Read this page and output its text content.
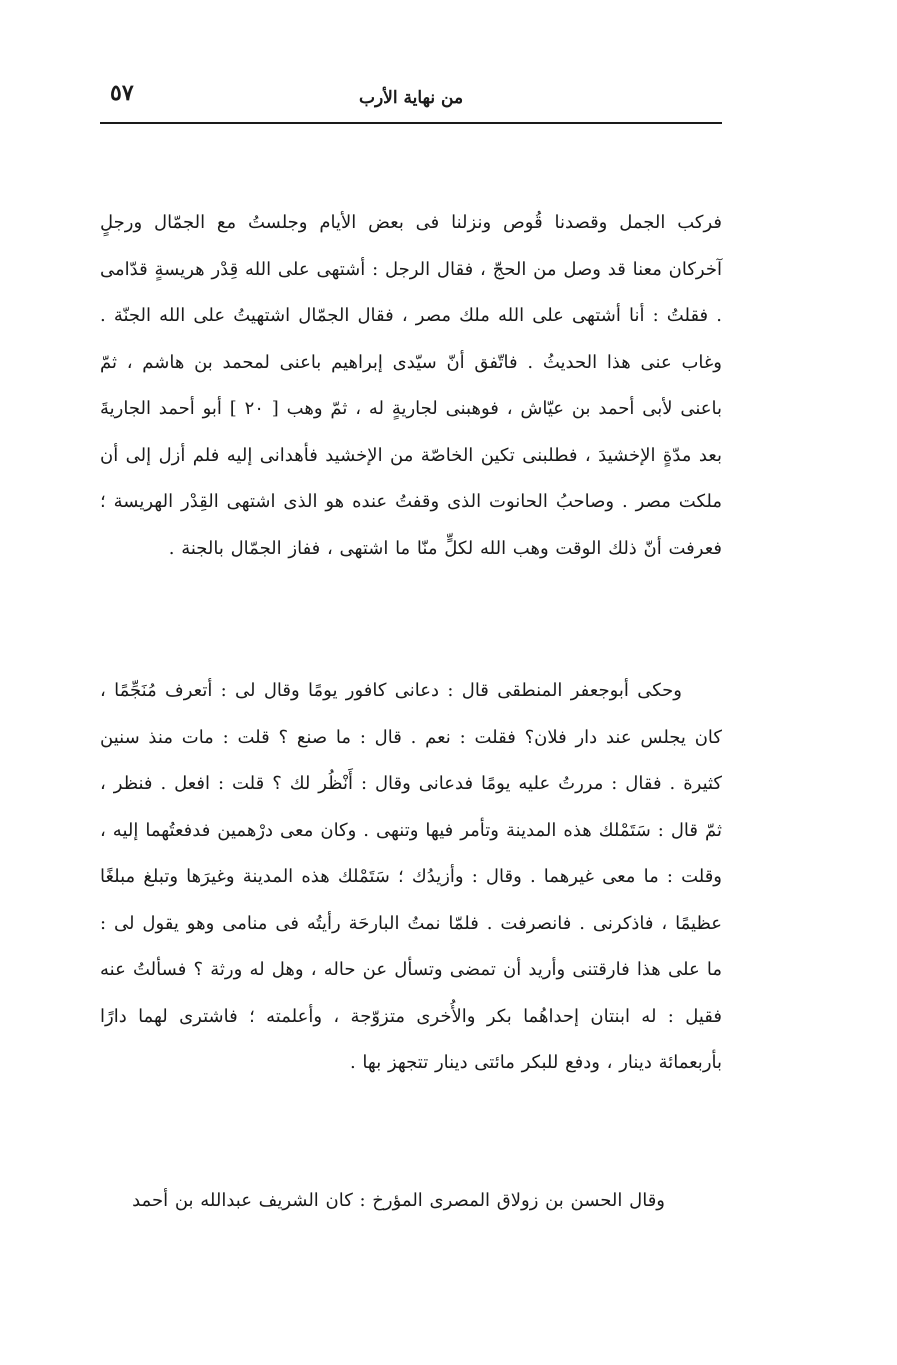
٥٧	من نهاية الأرب

فركب الجمل وقصدنا قُوص ونزلنا فى بعض الأيام وجلستُ مع الجمّال ورجلٍ آخركان معنا قد وصل من الحجّ ، فقال الرجل : أشتهى على الله قِدْر هريسةٍ قدّامى . فقلتُ : أنا أشتهى على الله ملك مصر ، فقال الجمّال اشتهيتُ على الله الجنّة . وغاب عنى هذا الحديثُ . فاتّفق أنّ سيّدى إبراهيم باعنى لمحمد بن هاشم ، ثمّ باعنى لأبى أحمد بن عيّاش ، فوهبنى لجاريةٍ له ، ثمّ وهب [ ٢٠ ] أبو أحمد الجاريةَ بعد مدّةٍ الإخشيدَ ، فطلبنى تكين الخاصّة من الإخشيد فأهدانى إليه فلم أزل إلى أن ملكت مصر . وصاحبُ الحانوت الذى وقفتُ عنده هو الذى اشتهى القِدْر الهريسة ؛ فعرفت أنّ ذلك الوقت وهب الله لكلٍّ منّا ما اشتهى ، ففاز الجمّال بالجنة .

وحكى أبوجعفر المنطقى قال : دعانى كافور يومًا وقال لى : أتعرف مُنَجِّمًا ، كان يجلس عند دار فلان؟ فقلت : نعم . قال : ما صنع ؟ قلت : مات منذ سنين كثيرة . فقال : مررتُ عليه يومًا فدعانى وقال : أَنْظُر لك ؟ قلت : افعل . فنظر ، ثمّ قال : سَتَمْلك هذه المدينة وتأمر فيها وتنهى . وكان معى درْهمين فدفعتُهما إليه ، وقلت : ما معى غيرهما . وقال : وأزيدُك ؛ سَتَمْلك هذه المدينة وغيرَها وتبلغ مبلغًا عظيمًا ، فاذكرنى . فانصرفت . فلمّا نمتُ البارحَة رأيتُه فى منامى وهو يقول لى : ما على هذا فارقتنى وأريد أن تمضى وتسأل عن حاله ، وهل له ورثة ؟ فسألتُ عنه فقيل : له ابنتان إحداهُما بكر والأُخرى متزوّجة ، وأعلمته ؛ فاشترى لهما دارًا بأربعمائة دينار ، ودفع للبكر مائتى دينار تتجهز بها .

وقال الحسن بن زولاق المصرى المؤرخ : كان الشريف عبدالله بن أحمد
